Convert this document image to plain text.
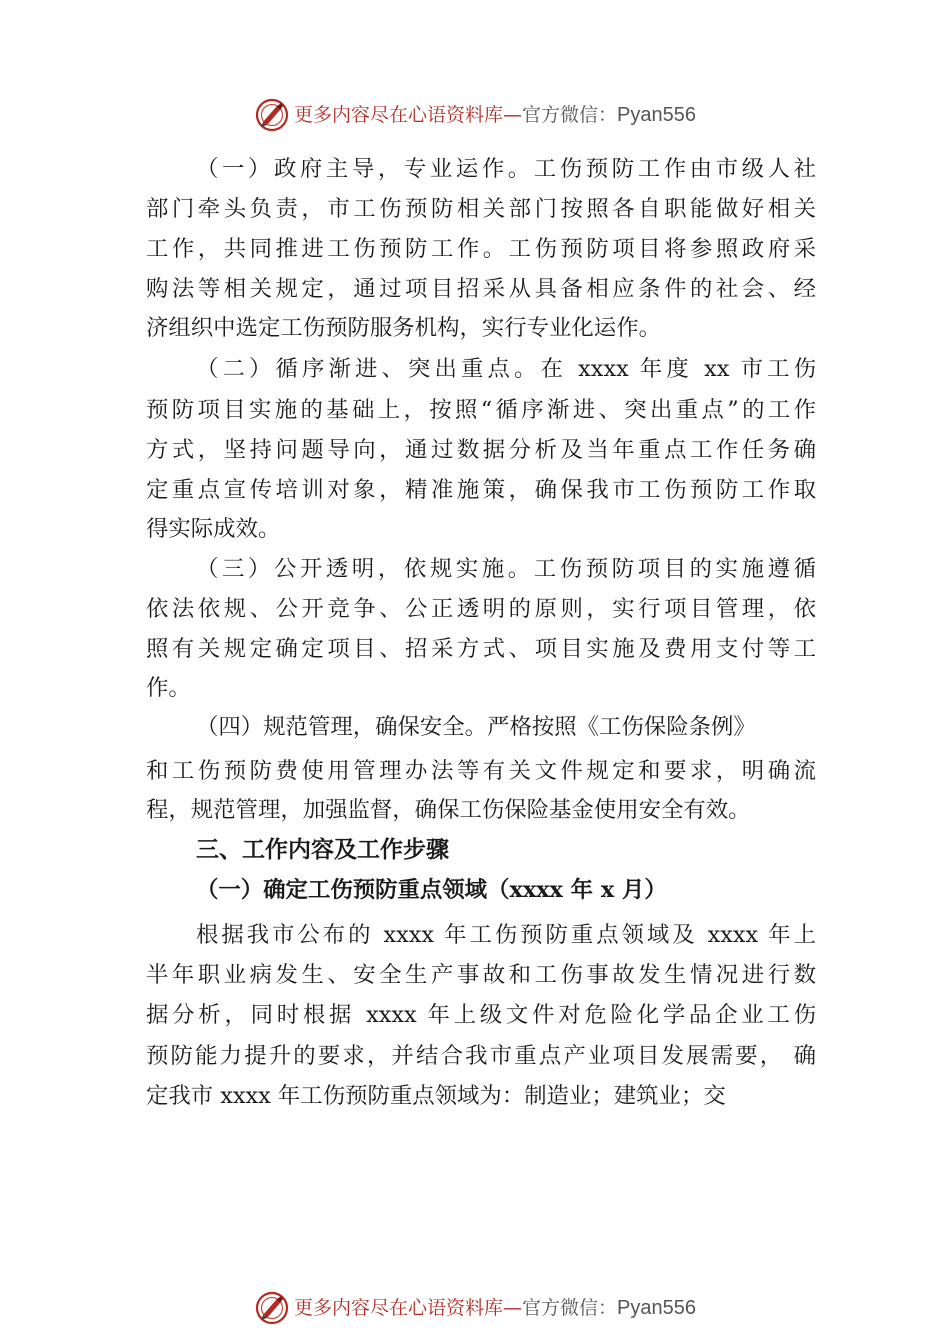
更多内容尽在心语资料库 — 官方微信： Pyan556

（一）政府主导，专业运作。工伤预防工作由市级人社

部门牵头负责，市工伤预防相关部门按照各自职能做好相关

工作，共同推进工伤预防工作。工伤预防项目将参照政府采

购法等相关规定，通过项目招采从具备相应条件的社会、经

济组织中选定工伤预防服务机构，实行专业化运作。

（二）循序渐进、突出重点。在 xxxx 年度 xx 市工伤

预防项目实施的基础上，按照“循序渐进、突出重点”的工作

方式，坚持问题导向，通过数据分析及当年重点工作任务确

定重点宣传培训对象，精准施策，确保我市工伤预防工作取

得实际成效。

（三）公开透明，依规实施。工伤预防项目的实施遵循

依法依规、公开竞争、公正透明的原则，实行项目管理，依

照有关规定确定项目、招采方式、项目实施及费用支付等工

作。

（四）规范管理，确保安全。严格按照《工伤保险条例》

和工伤预防费使用管理办法等有关文件规定和要求，明确流

程，规范管理，加强监督，确保工伤保险基金使用安全有效。

三、工作内容及工作步骤
（一）确定工伤预防重点领域（xxxx 年 x 月）

根据我市公布的 xxxx 年工伤预防重点领域及 xxxx 年上

半年职业病发生、安全生产事故和工伤事故发生情况进行数

据分析，同时根据 xxxx 年上级文件对危险化学品企业工伤

预防能力提升的要求，并结合我市重点产业项目发展需要， 确

定我市 xxxx 年工伤预防重点领域为：制造业；建筑业；交

更多内容尽在心语资料库 — 官方微信： Pyan556
